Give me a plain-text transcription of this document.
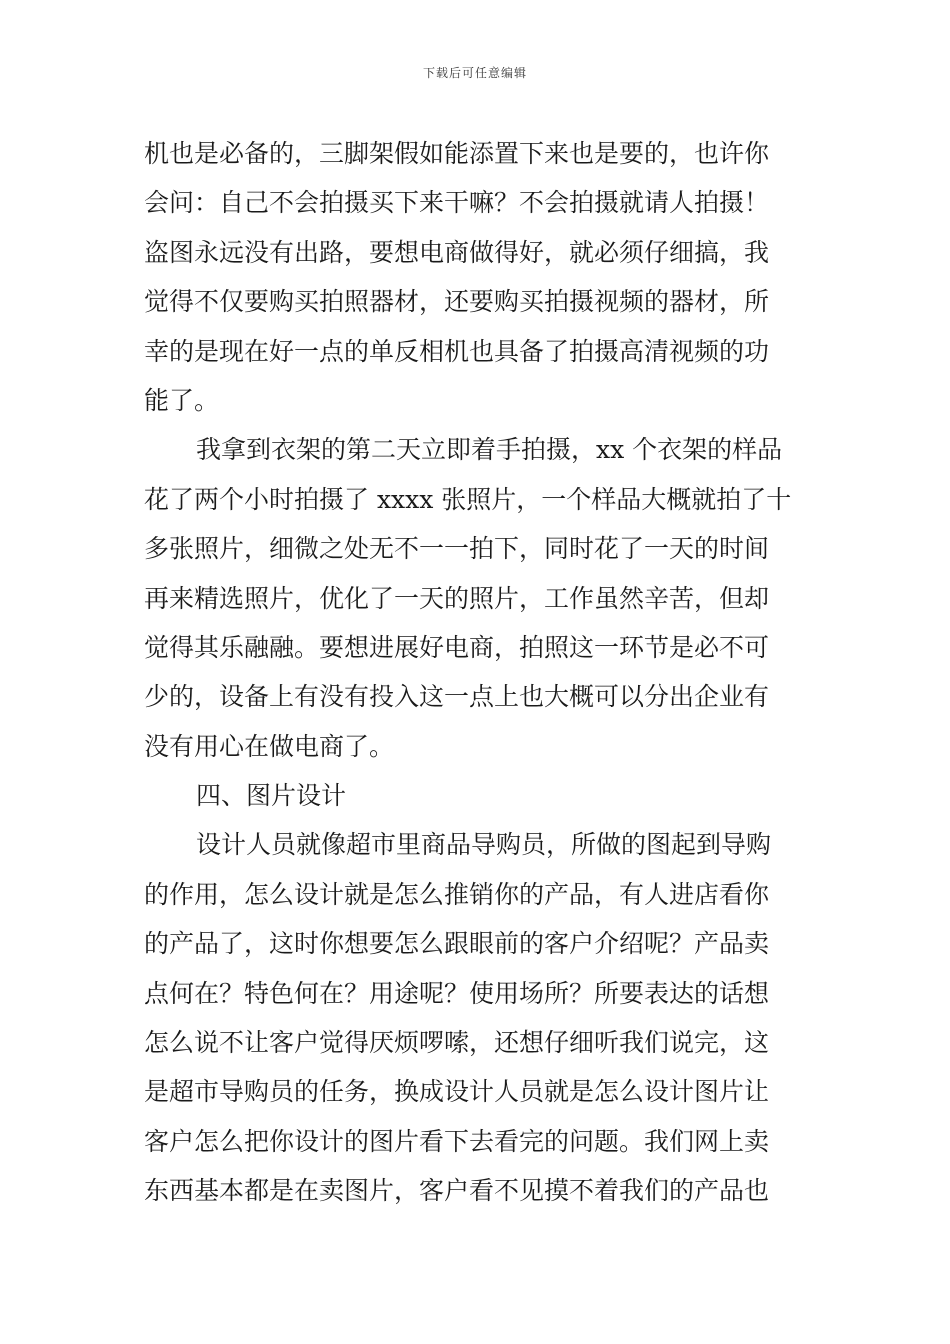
下载后可任意编辑
机也是必备的，三脚架假如能添置下来也是要的，也许你
会问：自己不会拍摄买下来干嘛？不会拍摄就请人拍摄！
盗图永远没有出路，要想电商做得好，就必须仔细搞，我
觉得不仅要购买拍照器材，还要购买拍摄视频的器材，所
幸的是现在好一点的单反相机也具备了拍摄高清视频的功
能了。
我拿到衣架的第二天立即着手拍摄，xx 个衣架的样品
花了两个小时拍摄了 xxxx 张照片，一个样品大概就拍了十
多张照片，细微之处无不一一拍下，同时花了一天的时间
再来精选照片，优化了一天的照片，工作虽然辛苦，但却
觉得其乐融融。要想进展好电商，拍照这一环节是必不可
少的，设备上有没有投入这一点上也大概可以分出企业有
没有用心在做电商了。
四、图片设计
设计人员就像超市里商品导购员，所做的图起到导购
的作用，怎么设计就是怎么推销你的产品，有人进店看你
的产品了，这时你想要怎么跟眼前的客户介绍呢？产品卖
点何在？特色何在？用途呢？使用场所？所要表达的话想
怎么说不让客户觉得厌烦啰嗦，还想仔细听我们说完，这
是超市导购员的任务，换成设计人员就是怎么设计图片让
客户怎么把你设计的图片看下去看完的问题。我们网上卖
东西基本都是在卖图片，客户看不见摸不着我们的产品也
